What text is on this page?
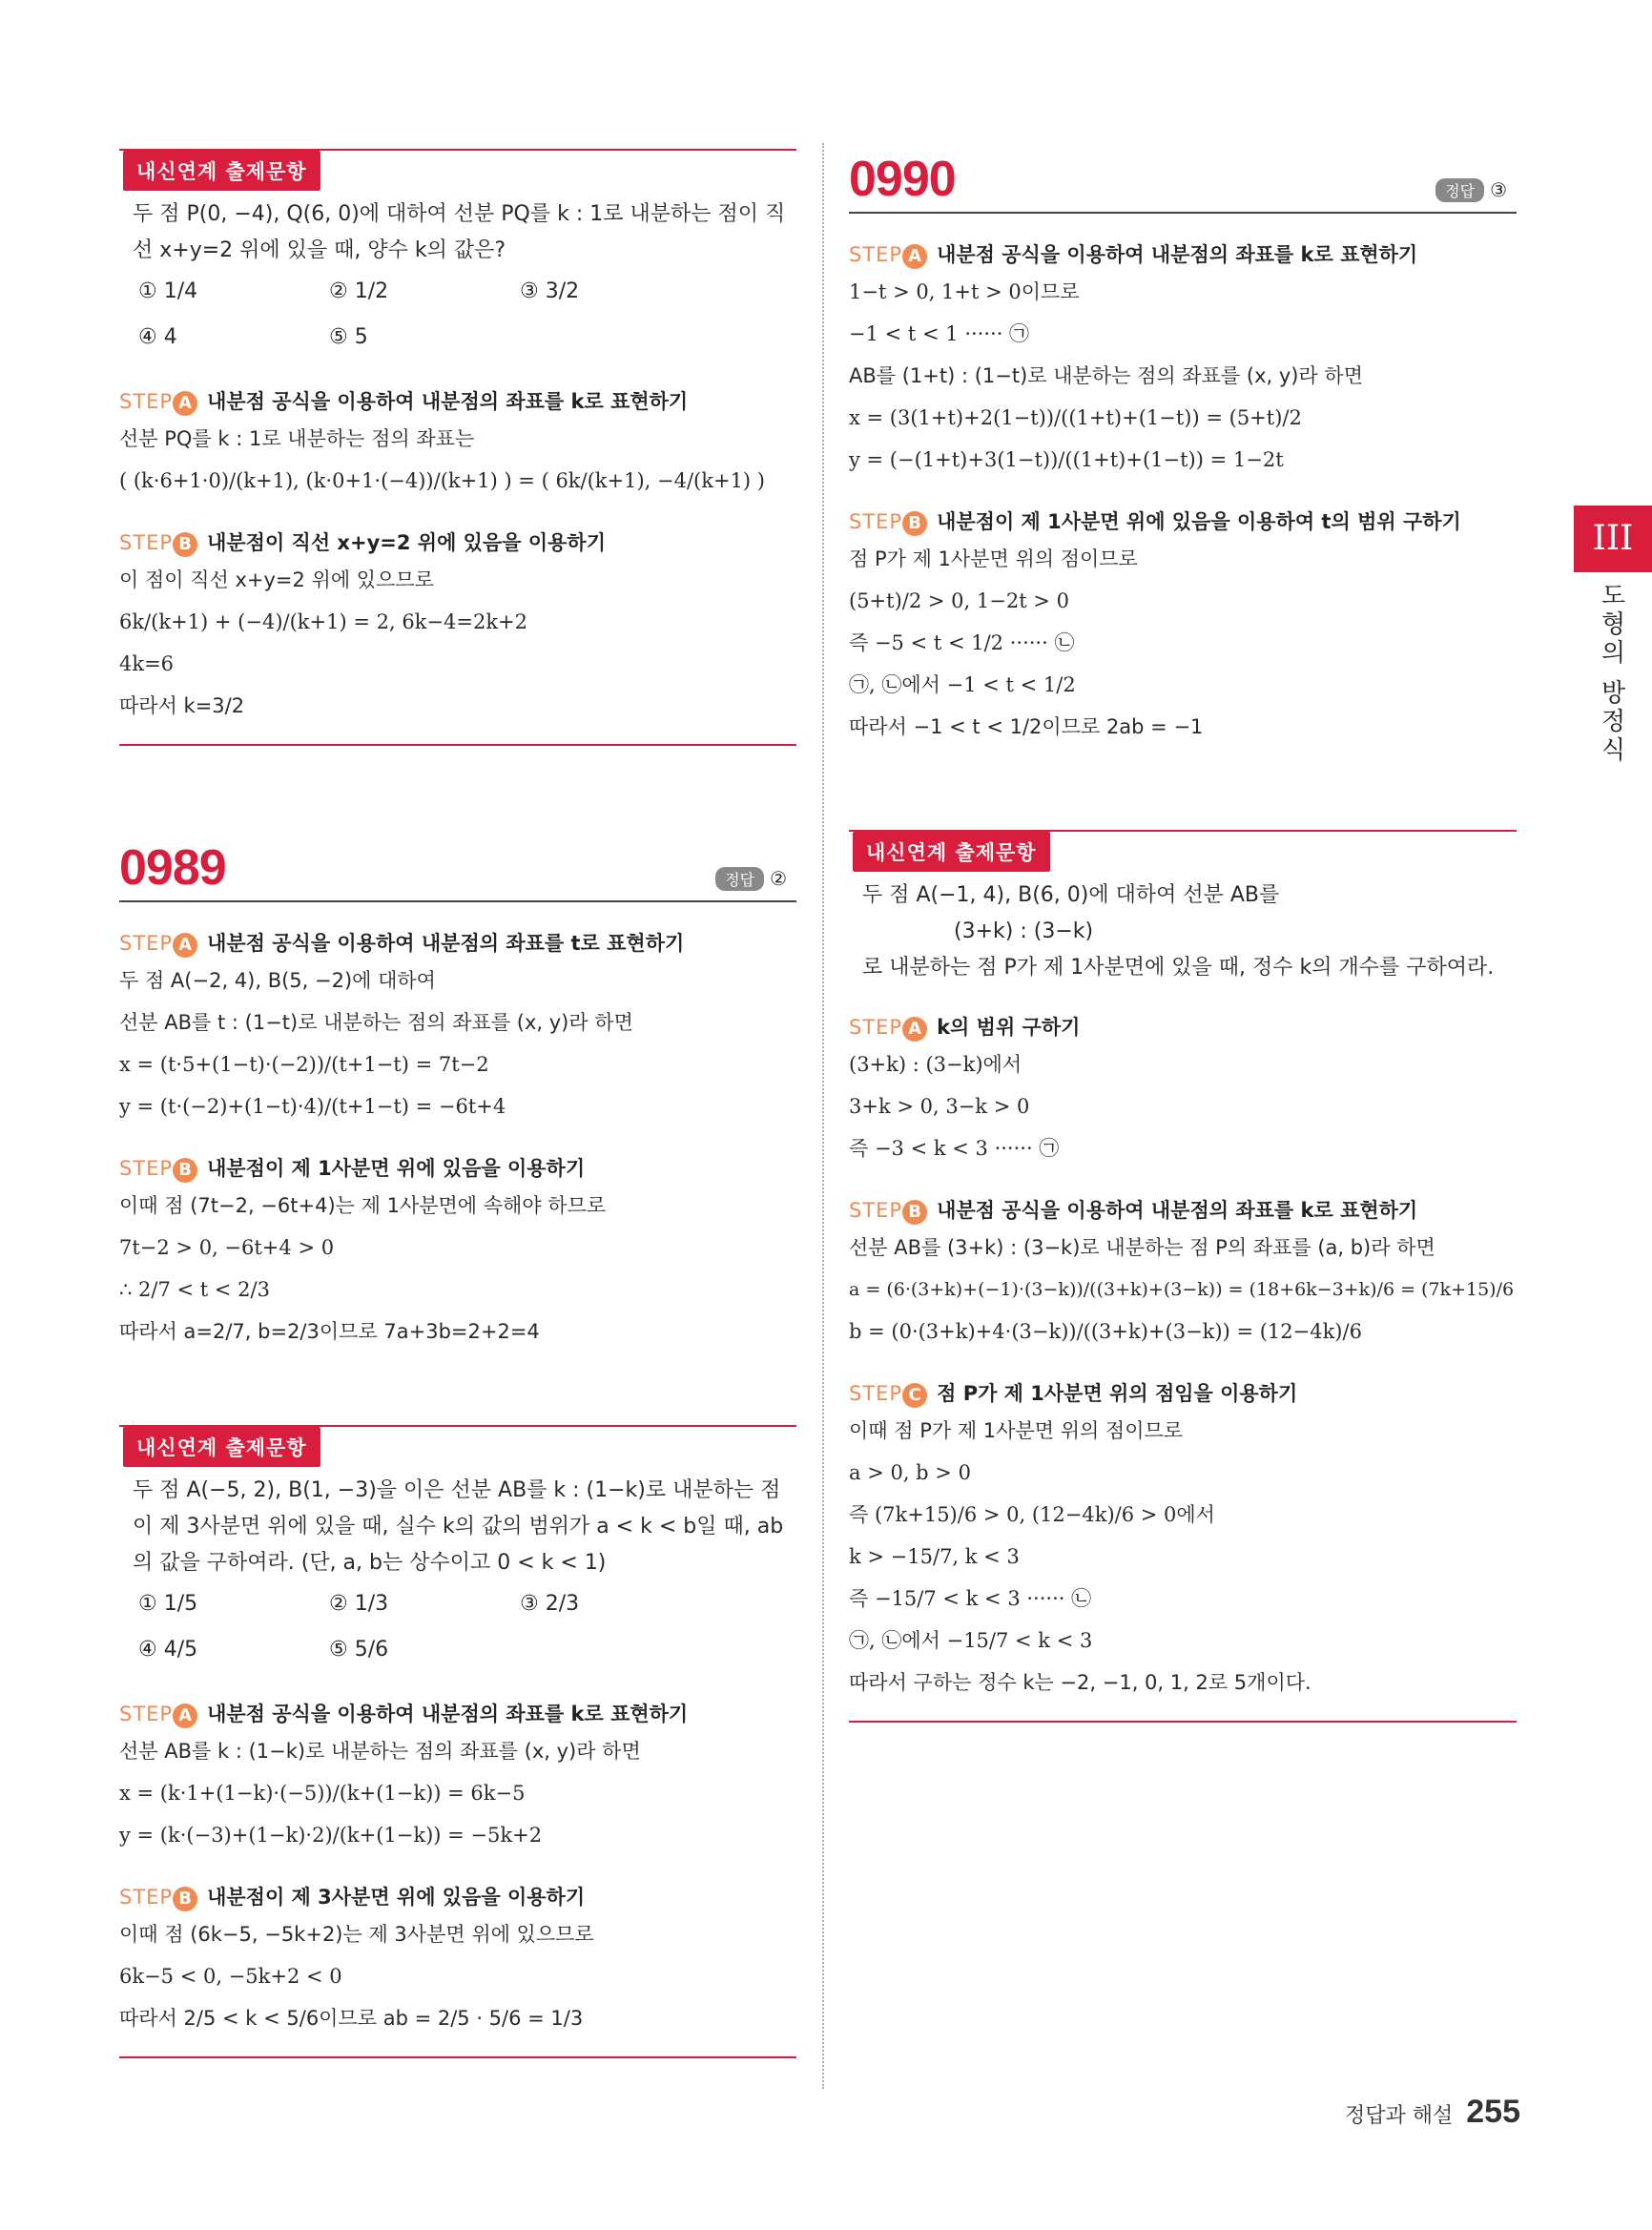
내신연계 출제문항
두 점 P(0, −4), Q(6, 0)에 대하여 선분 PQ를 k : 1로 내분하는 점이 직선 x+y=2 위에 있을 때, 양수 k의 값은?
① 1/4	② 1/2	③ 3/2
④ 4	⑤ 5
STEP A 내분점 공식을 이용하여 내분점의 좌표를 k로 표현하기
선분 PQ를 k : 1로 내분하는 점의 좌표는
( (k·6+1·0)/(k+1), (k·0+1·(−4))/(k+1) ) = ( 6k/(k+1), −4/(k+1) )
STEP B 내분점이 직선 x+y=2 위에 있음을 이용하기
이 점이 직선 x+y=2 위에 있으므로
6k/(k+1) + (−4)/(k+1) = 2, 6k−4=2k+2
4k=6
따라서 k=3/2
0989	정답 ②
STEP A 내분점 공식을 이용하여 내분점의 좌표를 t로 표현하기
두 점 A(−2, 4), B(5, −2)에 대하여
선분 AB를 t : (1−t)로 내분하는 점의 좌표를 (x, y)라 하면
x = (t·5+(1−t)·(−2))/(t+1−t) = 7t−2
y = (t·(−2)+(1−t)·4)/(t+1−t) = −6t+4
STEP B 내분점이 제 1사분면 위에 있음을 이용하기
이때 점 (7t−2, −6t+4)는 제 1사분면에 속해야 하므로
7t−2 > 0, −6t+4 > 0
∴ 2/7 < t < 2/3
따라서 a=2/7, b=2/3이므로 7a+3b=2+2=4
내신연계 출제문항
두 점 A(−5, 2), B(1, −3)을 이은 선분 AB를 k : (1−k)로 내분하는 점이 제 3사분면 위에 있을 때, 실수 k의 값의 범위가 a < k < b일 때, ab의 값을 구하여라. (단, a, b는 상수이고 0 < k < 1)
① 1/5	② 1/3	③ 2/3
④ 4/5	⑤ 5/6
STEP A 내분점 공식을 이용하여 내분점의 좌표를 k로 표현하기
선분 AB를 k : (1−k)로 내분하는 점의 좌표를 (x, y)라 하면
x = (k·1+(1−k)·(−5))/(k+(1−k)) = 6k−5
y = (k·(−3)+(1−k)·2)/(k+(1−k)) = −5k+2
STEP B 내분점이 제 3사분면 위에 있음을 이용하기
이때 점 (6k−5, −5k+2)는 제 3사분면 위에 있으므로
6k−5 < 0, −5k+2 < 0
따라서 2/5 < k < 5/6이므로 ab = 2/5 · 5/6 = 1/3
0990	정답 ③
STEP A 내분점 공식을 이용하여 내분점의 좌표를 k로 표현하기
1−t > 0, 1+t > 0이므로
−1 < t < 1 ······ ㉠
AB를 (1+t) : (1−t)로 내분하는 점의 좌표를 (x, y)라 하면
x = (3(1+t)+2(1−t))/((1+t)+(1−t)) = (5+t)/2
y = (−(1+t)+3(1−t))/((1+t)+(1−t)) = 1−2t
STEP B 내분점이 제 1사분면 위에 있음을 이용하여 t의 범위 구하기
점 P가 제 1사분면 위의 점이므로
(5+t)/2 > 0, 1−2t > 0
즉 −5 < t < 1/2 ······ ㉡
㉠, ㉡에서 −1 < t < 1/2
따라서 −1 < t < 1/2이므로 2ab = −1
내신연계 출제문항
두 점 A(−1, 4), B(6, 0)에 대하여 선분 AB를
(3+k) : (3−k)
로 내분하는 점 P가 제 1사분면에 있을 때, 정수 k의 개수를 구하여라.
STEP A k의 범위 구하기
(3+k) : (3−k)에서
3+k > 0, 3−k > 0
즉 −3 < k < 3 ······ ㉠
STEP B 내분점 공식을 이용하여 내분점의 좌표를 k로 표현하기
선분 AB를 (3+k) : (3−k)로 내분하는 점 P의 좌표를 (a, b)라 하면
a = (6·(3+k)+(−1)·(3−k))/((3+k)+(3−k)) = (18+6k−3+k)/6 = (7k+15)/6
b = (0·(3+k)+4·(3−k))/((3+k)+(3−k)) = (12−4k)/6
STEP C 점 P가 제 1사분면 위의 점임을 이용하기
이때 점 P가 제 1사분면 위의 점이므로
a > 0, b > 0
즉 (7k+15)/6 > 0, (12−4k)/6 > 0에서
k > −15/7, k < 3
즉 −15/7 < k < 3 ······ ㉡
㉠, ㉡에서 −15/7 < k < 3
따라서 구하는 정수 k는 −2, −1, 0, 1, 2로 5개이다.
III
도형의 방정식
정답과 해설 255
